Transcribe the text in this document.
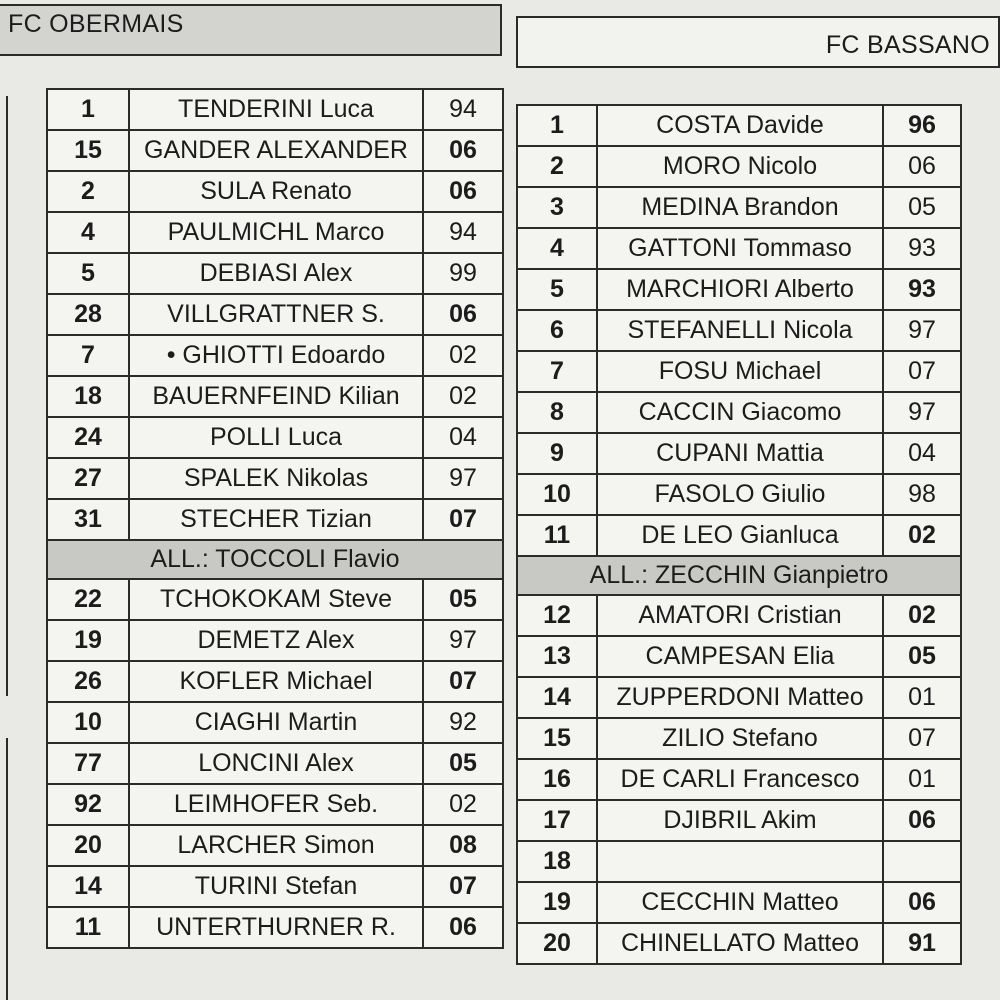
FC OBERMAIS
FC BASSANO
1	TENDERINI Luca	94
15	GANDER ALEXANDER	06
2	SULA Renato	06
4	PAULMICHL Marco	94
5	DEBIASI Alex	99
28	VILLGRATTNER S.	06
7	• GHIOTTI Edoardo	02
18	BAUERNFEIND Kilian	02
24	POLLI Luca	04
27	SPALEK Nikolas	97
31	STECHER Tizian	07
ALL.: TOCCOLI Flavio		
22	TCHOKOKAM Steve	05
19	DEMETZ Alex	97
26	KOFLER Michael	07
10	CIAGHI Martin	92
77	LONCINI Alex	05
92	LEIMHOFER Seb.	02
20	LARCHER Simon	08
14	TURINI Stefan	07
11	UNTERTHURNER R.	06
1	COSTA Davide	96
2	MORO Nicolo	06
3	MEDINA Brandon	05
4	GATTONI Tommaso	93
5	MARCHIORI Alberto	93
6	STEFANELLI Nicola	97
7	FOSU Michael	07
8	CACCIN Giacomo	97
9	CUPANI Mattia	04
10	FASOLO Giulio	98
11	DE LEO Gianluca	02
ALL.: ZECCHIN Gianpietro		
12	AMATORI Cristian	02
13	CAMPESAN Elia	05
14	ZUPPERDONI Matteo	01
15	ZILIO Stefano	07
16	DE CARLI Francesco	01
17	DJIBRIL Akim	06
18		
19	CECCHIN Matteo	06
20	CHINELLATO Matteo	91
